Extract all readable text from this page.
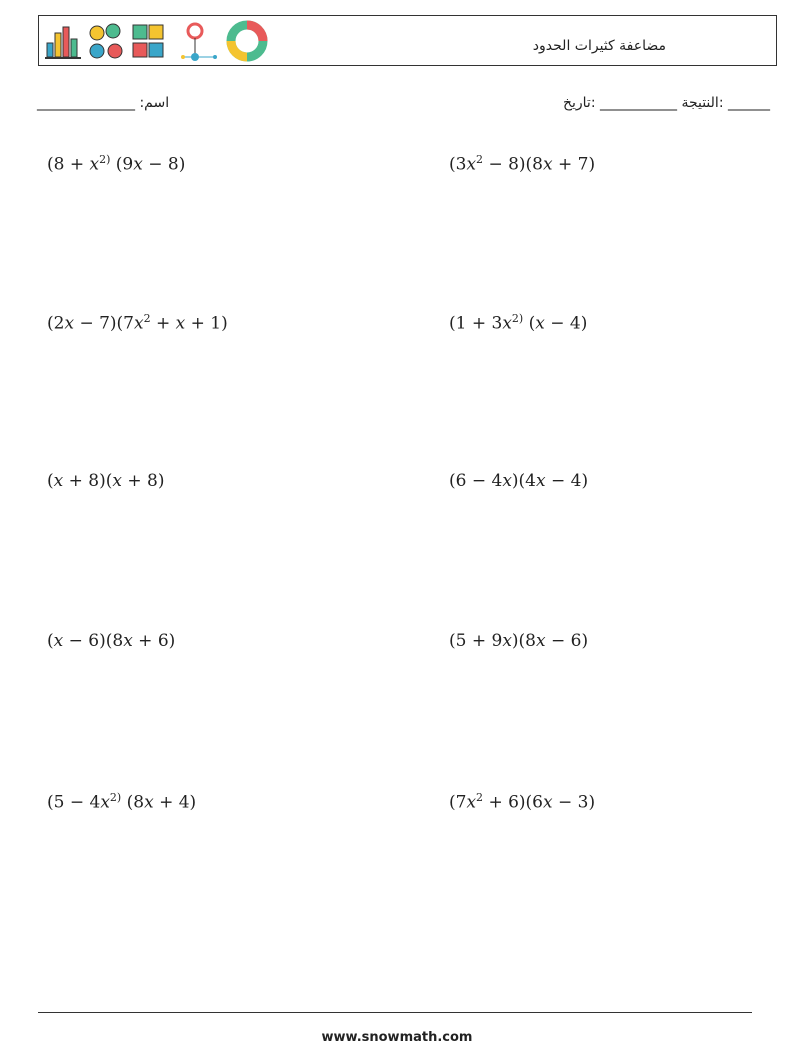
مضاعفة كثيرات الحدود
______________ :اسم	النتيجة ___________ :تاريخ: ______
($8 + x^{2)}$ (9x − 8)	$(3x^2 - 8)(8x + 7)$
$(2x - 7)(7x^2 + x + 1)$	($1 + 3x^{2)}$ (x − 4)
(x + 8)(x + 8)	(6 − 4x)(4x − 4)
(x − 6)(8x + 6)	(5 + 9x)(8x − 6)
($5 - 4x^{2)}$ (8x + 4)	$(7x^2 + 6)(6x - 3)$
www.snowmath.com
